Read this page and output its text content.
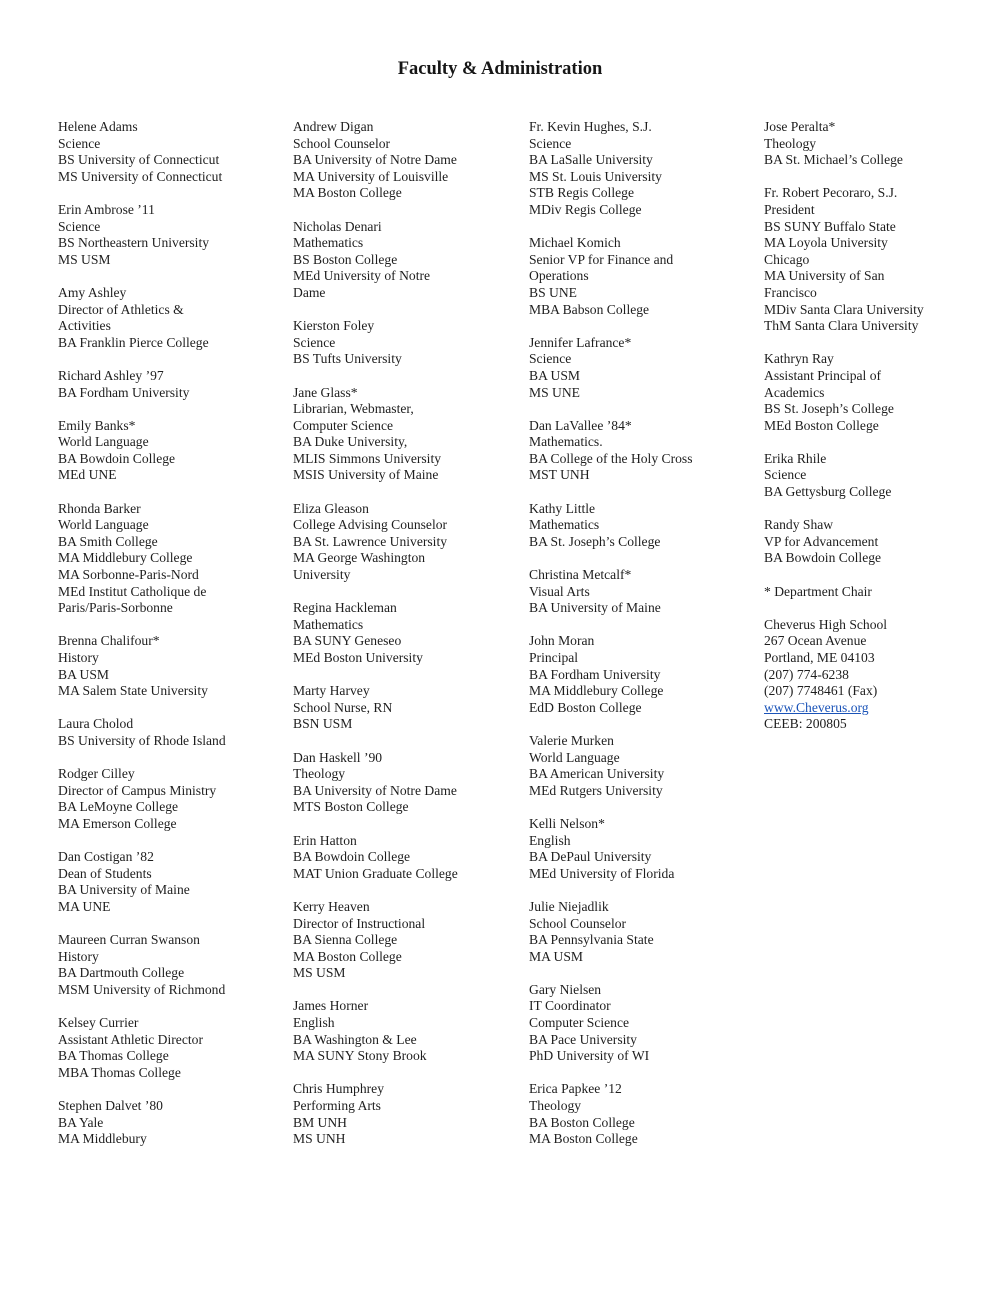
Faculty & Administration
Helene Adams
Science
BS University of Connecticut
MS University of Connecticut
Erin Ambrose ’11
Science
BS Northeastern University
MS USM
Amy Ashley
Director of Athletics &
Activities
BA Franklin Pierce College
Richard Ashley ’97
BA Fordham University
Emily Banks*
World Language
BA Bowdoin College
MEd UNE
Rhonda Barker
World Language
BA Smith College
MA Middlebury College
MA Sorbonne-Paris-Nord
MEd Institut Catholique de
Paris/Paris-Sorbonne
Brenna Chalifour*
History
BA USM
MA Salem State University
Laura Cholod
BS University of Rhode Island
Rodger Cilley
Director of Campus Ministry
BA LeMoyne College
MA Emerson College
Dan Costigan ’82
Dean of Students
BA University of Maine
MA UNE
Maureen Curran Swanson
History
BA Dartmouth College
MSM University of Richmond
Kelsey Currier
Assistant Athletic Director
BA Thomas College
MBA Thomas College
Stephen Dalvet ’80
BA Yale
MA Middlebury
Andrew Digan
School Counselor
BA University of Notre Dame
MA University of Louisville
MA Boston College
Nicholas Denari
Mathematics
BS Boston College
MEd University of Notre
Dame
Kierston Foley
Science
BS Tufts University
Jane Glass*
Librarian, Webmaster,
Computer Science
BA Duke University,
MLIS Simmons University
MSIS University of Maine
Eliza Gleason
College Advising Counselor
BA St. Lawrence University
MA George Washington
University
Regina Hackleman
Mathematics
BA SUNY Geneseo
MEd Boston University
Marty Harvey
School Nurse, RN
BSN USM
Dan Haskell ’90
Theology
BA University of Notre Dame
MTS Boston College
Erin Hatton
BA Bowdoin College
MAT Union Graduate College
Kerry Heaven
Director of Instructional
BA Sienna College
MA Boston College
MS USM
James Horner
English
BA Washington & Lee
MA SUNY Stony Brook
Chris Humphrey
Performing Arts
BM UNH
MS UNH
Fr. Kevin Hughes, S.J.
Science
BA LaSalle University
MS St. Louis University
STB Regis College
MDiv Regis College
Michael Komich
Senior VP for Finance and
Operations
BS UNE
MBA Babson College
Jennifer Lafrance*
Science
BA USM
MS UNE
Dan LaVallee ’84*
Mathematics.
BA College of the Holy Cross
MST UNH
Kathy Little
Mathematics
BA St. Joseph’s College
Christina Metcalf*
Visual Arts
BA University of Maine
John Moran
Principal
BA Fordham University
MA Middlebury College
EdD Boston College
Valerie Murken
World Language
BA American University
MEd Rutgers University
Kelli Nelson*
English
BA DePaul University
MEd University of Florida
Julie Niejadlik
School Counselor
BA Pennsylvania State
MA USM
Gary Nielsen
IT Coordinator
Computer Science
BA Pace University
PhD University of WI
Erica Papkee ’12
Theology
BA Boston College
MA Boston College
Jose Peralta*
Theology
BA St. Michael’s College
Fr. Robert Pecoraro, S.J.
President
BS SUNY Buffalo State
MA Loyola University
Chicago
MA University of San
Francisco
MDiv Santa Clara University
ThM Santa Clara University
Kathryn Ray
Assistant Principal of
Academics
BS St. Joseph’s College
MEd Boston College
Erika Rhile
Science
BA Gettysburg College
Randy Shaw
VP for Advancement
BA Bowdoin College
* Department Chair
Cheverus High School
267 Ocean Avenue
Portland, ME 04103
(207) 774-6238
(207) 7748461 (Fax)
www.Cheverus.org
CEEB: 200805
